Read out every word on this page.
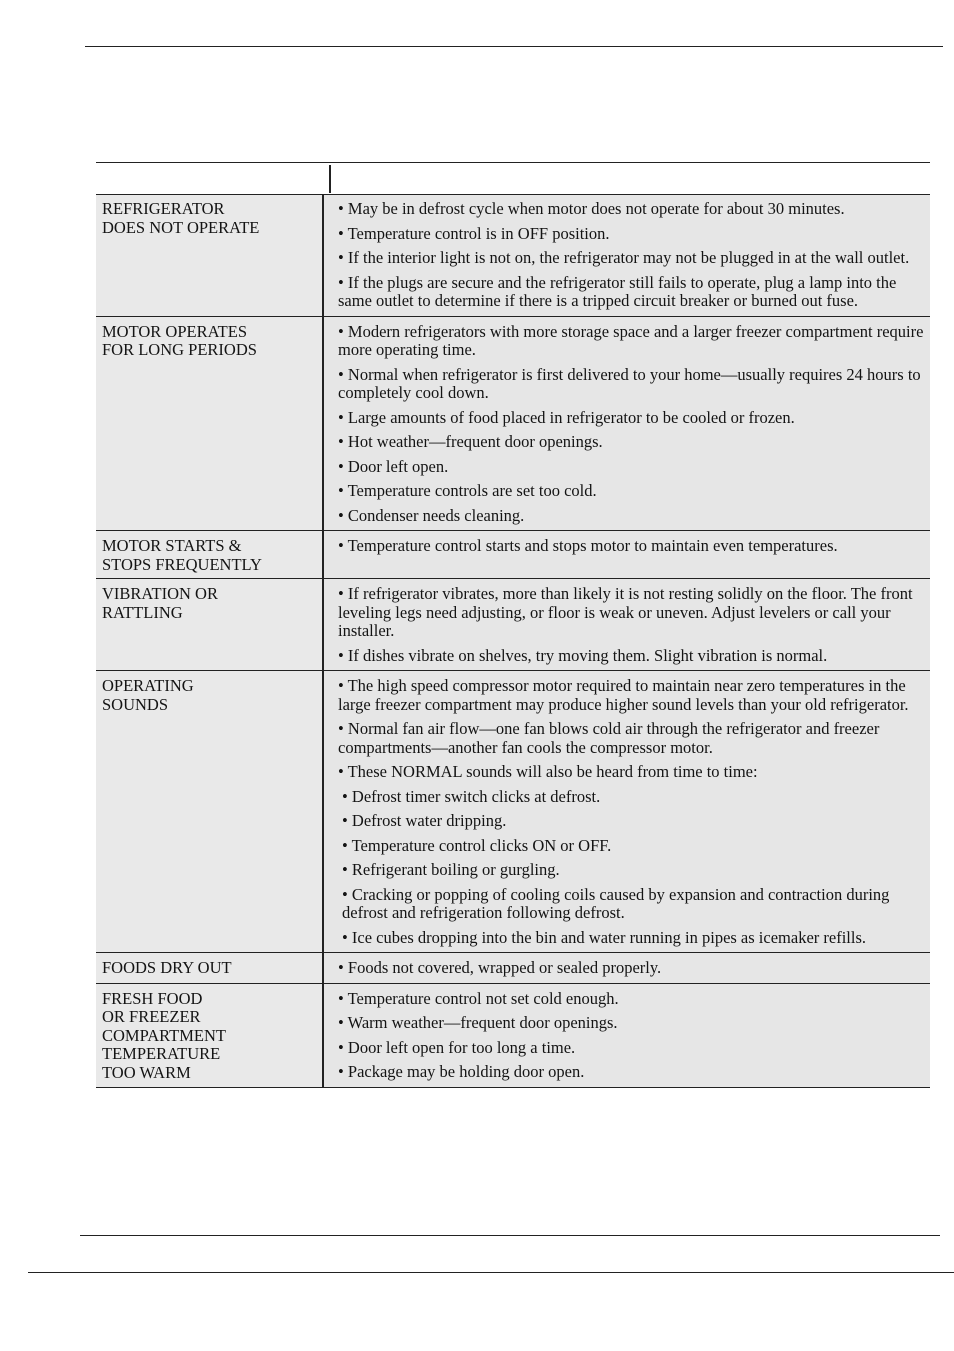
REFRIGERATOR
DOES NOT OPERATE
• May be in defrost cycle when motor does not operate for about 30 minutes.
• Temperature control is in OFF position.
• If the interior light is not on, the refrigerator may not be plugged in at the wall outlet.
• If the plugs are secure and the refrigerator still fails to operate, plug a lamp into the same outlet to determine if there is a tripped circuit breaker or burned out fuse.
MOTOR OPERATES
FOR LONG PERIODS
• Modern refrigerators with more storage space and a larger freezer compartment require more operating time.
• Normal when refrigerator is first delivered to your home—usually requires 24 hours to completely cool down.
• Large amounts of food placed in refrigerator to be cooled or frozen.
• Hot weather—frequent door openings.
• Door left open.
• Temperature controls are set too cold.
• Condenser needs cleaning.
MOTOR STARTS &
STOPS FREQUENTLY
• Temperature control starts and stops motor to maintain even temperatures.
VIBRATION OR
RATTLING
• If refrigerator vibrates, more than likely it is not resting solidly on the floor. The front leveling legs need adjusting, or floor is weak or uneven. Adjust levelers or call your installer.
• If dishes vibrate on shelves, try moving them. Slight vibration is normal.
OPERATING
SOUNDS
• The high speed compressor motor required to maintain near zero temperatures in the large freezer compartment may produce higher sound levels than your old refrigerator.
• Normal fan air flow—one fan blows cold air through the refrigerator and freezer compartments—another fan cools the compressor motor.
• These NORMAL sounds will also be heard from time to time:
• Defrost timer switch clicks at defrost.
• Defrost water dripping.
• Temperature control clicks ON or OFF.
• Refrigerant boiling or gurgling.
• Cracking or popping of cooling coils caused by expansion and contraction during defrost and refrigeration following defrost.
• Ice cubes dropping into the bin and water running in pipes as icemaker refills.
FOODS DRY OUT	• Foods not covered, wrapped or sealed properly.
FRESH FOOD
OR FREEZER
COMPARTMENT
TEMPERATURE
TOO WARM
• Temperature control not set cold enough.
• Warm weather—frequent door openings.
• Door left open for too long a time.
• Package may be holding door open.
